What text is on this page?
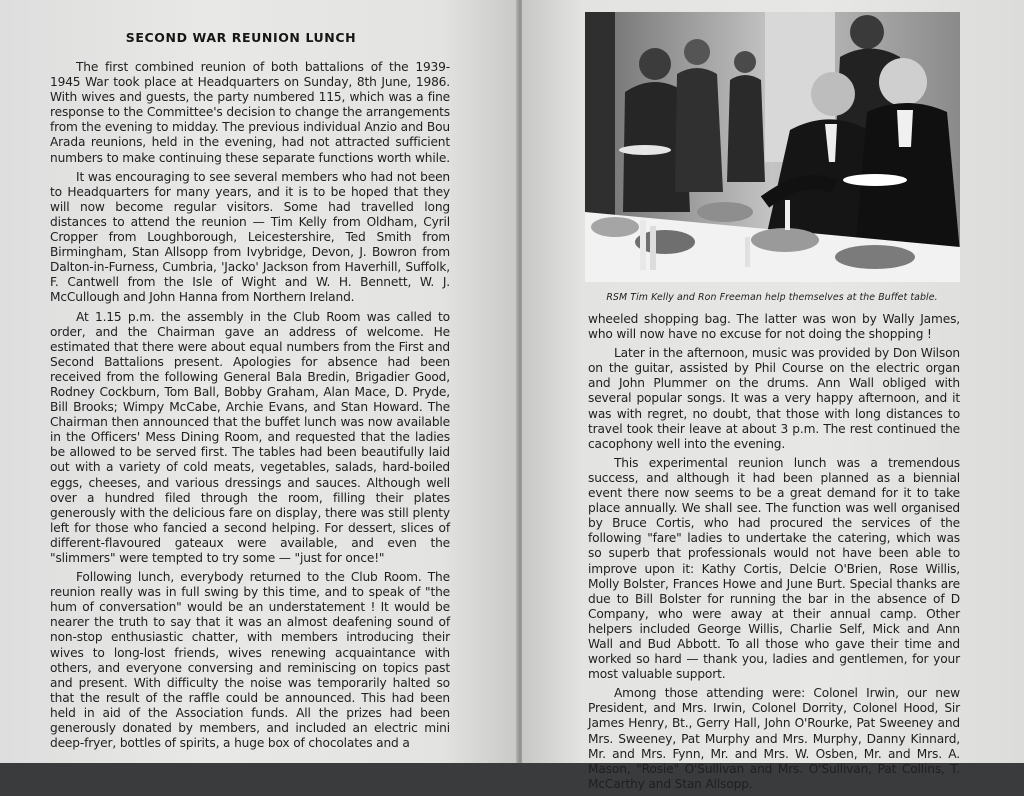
SECOND WAR REUNION LUNCH

The first combined reunion of both battalions of the 1939-1945 War took place at Headquarters on Sunday, 8th June, 1986. With wives and guests, the party numbered 115, which was a fine response to the Committee's decision to change the arrangements from the evening to midday. The previous individual Anzio and Bou Arada reunions, held in the evening, had not attracted sufficient numbers to make continuing these separate functions worth while.

It was encouraging to see several members who had not been to Headquarters for many years, and it is to be hoped that they will now become regular visitors. Some had travelled long distances to attend the reunion — Tim Kelly from Oldham, Cyril Cropper from Loughborough, Leicestershire, Ted Smith from Birmingham, Stan Allsopp from Ivybridge, Devon, J. Bowron from Dalton-in-Furness, Cumbria, 'Jacko' Jackson from Haverhill, Suffolk, F. Cantwell from the Isle of Wight and W. H. Bennett, W. J. McCullough and John Hanna from Northern Ireland.

At 1.15 p.m. the assembly in the Club Room was called to order, and the Chairman gave an address of welcome. He estimated that there were about equal numbers from the First and Second Battalions present. Apologies for absence had been received from the following General Bala Bredin, Brigadier Good, Rodney Cockburn, Tom Ball, Bobby Graham, Alan Mace, D. Pryde, Bill Brooks; Wimpy McCabe, Archie Evans, and Stan Howard. The Chairman then announced that the buffet lunch was now available in the Officers' Mess Dining Room, and requested that the ladies be allowed to be served first. The tables had been beautifully laid out with a variety of cold meats, vegetables, salads, hard-boiled eggs, cheeses, and various dressings and sauces. Although well over a hundred filed through the room, filling their plates generously with the delicious fare on display, there was still plenty left for those who fancied a second helping. For dessert, slices of different-flavoured gateaux were available, and even the "slimmers" were tempted to try some — "just for once!"

Following lunch, everybody returned to the Club Room. The reunion really was in full swing by this time, and to speak of "the hum of conversation" would be an understatement ! It would be nearer the truth to say that it was an almost deafening sound of non-stop enthusiastic chatter, with members introducing their wives to long-lost friends, wives renewing acquaintance with others, and everyone conversing and reminiscing on topics past and present. With difficulty the noise was temporarily halted so that the result of the raffle could be announced. This had been held in aid of the Association funds. All the prizes had been generously donated by members, and included an electric mini deep-fryer, bottles of spirits, a huge box of chocolates and a

RSM Tim Kelly and Ron Freeman help themselves at the Buffet table.

wheeled shopping bag. The latter was won by Wally James, who will now have no excuse for not doing the shopping !

Later in the afternoon, music was provided by Don Wilson on the guitar, assisted by Phil Course on the electric organ and John Plummer on the drums. Ann Wall obliged with several popular songs. It was a very happy afternoon, and it was with regret, no doubt, that those with long distances to travel took their leave at about 3 p.m. The rest continued the cacophony well into the evening.

This experimental reunion lunch was a tremendous success, and although it had been planned as a biennial event there now seems to be a great demand for it to take place annually. We shall see. The function was well organised by Bruce Cortis, who had procured the services of the following "fare" ladies to undertake the catering, which was so superb that professionals would not have been able to improve upon it: Kathy Cortis, Delcie O'Brien, Rose Willis, Molly Bolster, Frances Howe and June Burt. Special thanks are due to Bill Bolster for running the bar in the absence of D Company, who were away at their annual camp. Other helpers included George Willis, Charlie Self, Mick and Ann Wall and Bud Abbott. To all those who gave their time and worked so hard — thank you, ladies and gentlemen, for your most valuable support.

Among those attending were: Colonel Irwin, our new President, and Mrs. Irwin, Colonel Dorrity, Colonel Hood, Sir James Henry, Bt., Gerry Hall, John O'Rourke, Pat Sweeney and Mrs. Sweeney, Pat Murphy and Mrs. Murphy, Danny Kinnard, Mr. and Mrs. Fynn, Mr. and Mrs. W. Osben, Mr. and Mrs. A. Mason, "Rosie" O'Sullivan and Mrs. O'Sullivan, Pat Collins, T. McCarthy and Stan Allsopp.
